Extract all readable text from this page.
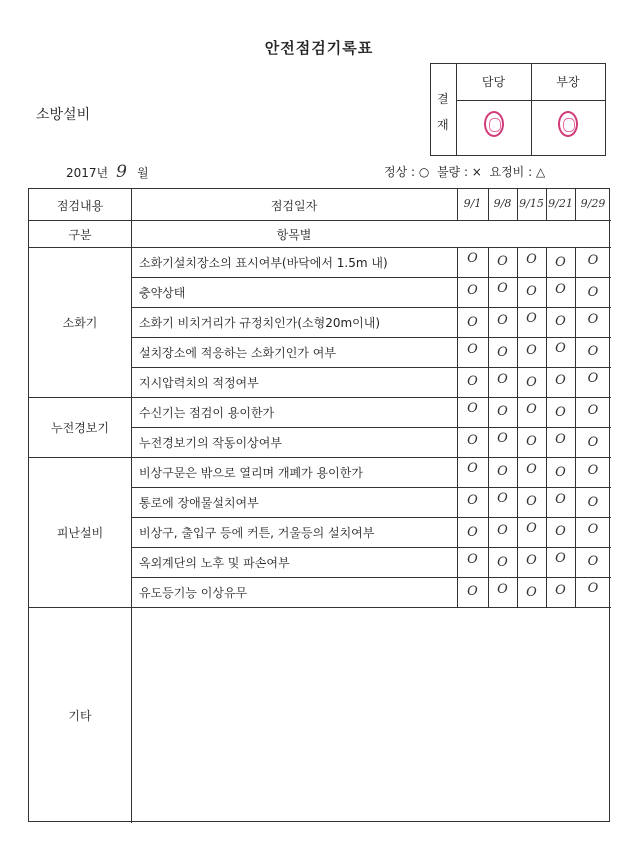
안전점검기록표
소방설비
결
재
담당	부장
2017년 9 월	정상 : ○  불량 : ×  요정비 : △
점검내용	점검일자	9/1	9/8 9/15 9/21 9/29
구분	항목별
소화기설치장소의 표시여부(바닥에서 1.5m 내)	O	O	O	O	O
충약상태	O	O	O	O	O
소화기 비치거리가 규정치인가(소형20m이내)	O	O	O	O	O
설치장소에 적응하는 소화기인가 여부	O	O	O	O	O
지시압력치의 적정여부	O	O	O	O	O
소화기
수신기는 점검이 용이한가	O	O	O	O	O
누전경보기의 작동이상여부	O	O	O	O	O
누전경보기
비상구문은 밖으로 열리며 개폐가 용이한가	O	O	O	O	O
통로에 장애물설치여부	O	O	O	O	O
비상구, 출입구 등에 커튼, 거울등의 설치여부	O	O	O	O	O
옥외계단의 노후 및 파손여부	O	O	O	O	O
유도등기능 이상유무	O	O	O	O	O
피난설비
기타
